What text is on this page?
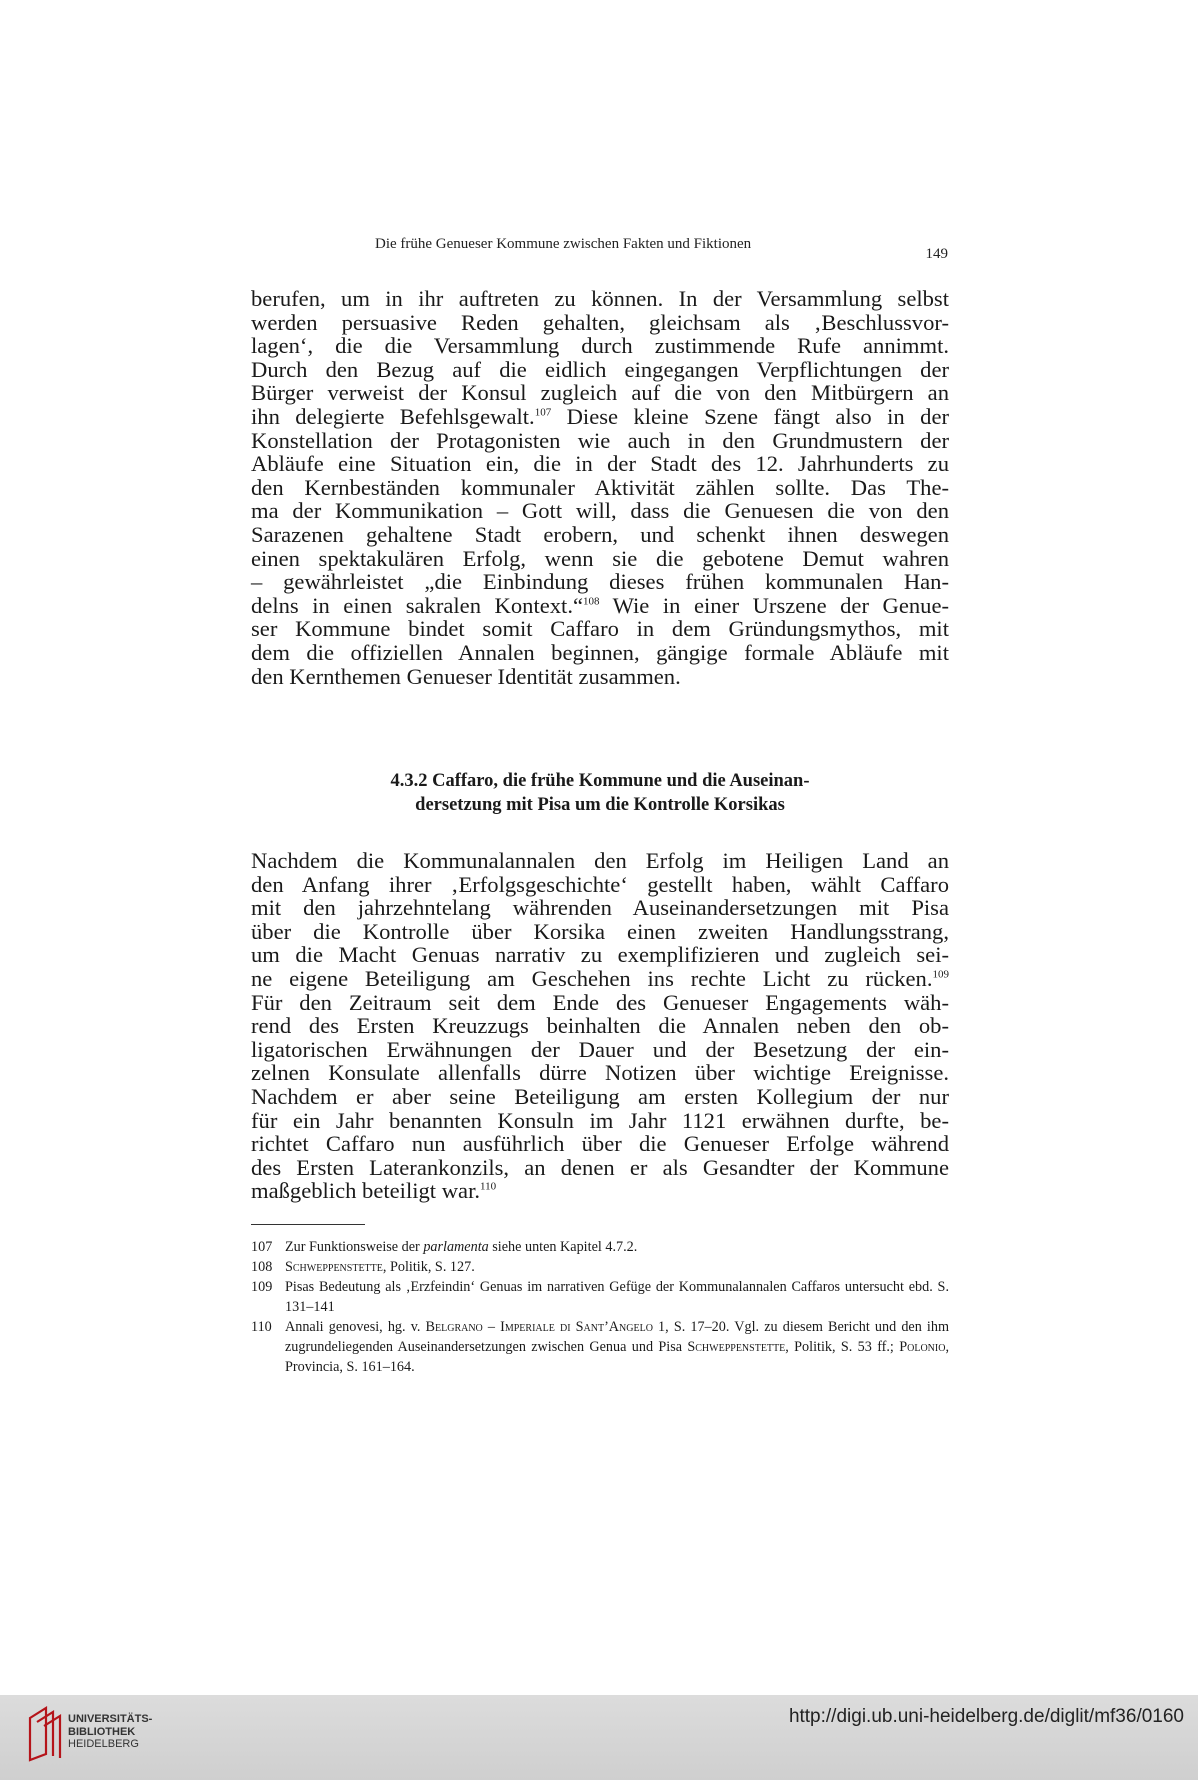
Die frühe Genueser Kommune zwischen Fakten und Fiktionen
149
berufen, um in ihr auftreten zu können. In der Versammlung selbst
werden persuasive Reden gehalten, gleichsam als ‚Beschlussvor-
lagen‘, die die Versammlung durch zustimmende Rufe annimmt.
Durch den Bezug auf die eidlich eingegangen Verpflichtungen der
Bürger verweist der Konsul zugleich auf die von den Mitbürgern an
ihn delegierte Befehlsgewalt.$^{107}$ Diese kleine Szene fängt also in der
Konstellation der Protagonisten wie auch in den Grundmustern der
Abläufe eine Situation ein, die in der Stadt des 12. Jahrhunderts zu
den Kernbeständen kommunaler Aktivität zählen sollte. Das The-
ma der Kommunikation – Gott will, dass die Genuesen die von den
Sarazenen gehaltene Stadt erobern, und schenkt ihnen deswegen
einen spektakulären Erfolg, wenn sie die gebotene Demut wahren
– gewährleistet „die Einbindung dieses frühen kommunalen Han-
delns in einen sakralen Kontext.“$^{108}$ Wie in einer Urszene der Genue-
ser Kommune bindet somit Caffaro in dem Gründungsmythos, mit
dem die offiziellen Annalen beginnen, gängige formale Abläufe mit
den Kernthemen Genueser Identität zusammen.
4.3.2 Caffaro, die frühe Kommune und die Auseinan-
dersetzung mit Pisa um die Kontrolle Korsikas
Nachdem die Kommunalannalen den Erfolg im Heiligen Land an
den Anfang ihrer ‚Erfolgsgeschichte‘ gestellt haben, wählt Caffaro
mit den jahrzehntelang währenden Auseinandersetzungen mit Pisa
über die Kontrolle über Korsika einen zweiten Handlungsstrang,
um die Macht Genuas narrativ zu exemplifizieren und zugleich sei-
ne eigene Beteiligung am Geschehen ins rechte Licht zu rücken.$^{109}$
Für den Zeitraum seit dem Ende des Genueser Engagements wäh-
rend des Ersten Kreuzzugs beinhalten die Annalen neben den ob-
ligatorischen Erwähnungen der Dauer und der Besetzung der ein-
zelnen Konsulate allenfalls dürre Notizen über wichtige Ereignisse.
Nachdem er aber seine Beteiligung am ersten Kollegium der nur
für ein Jahr benannten Konsuln im Jahr 1121 erwähnen durfte, be-
richtet Caffaro nun ausführlich über die Genueser Erfolge während
des Ersten Laterankonzils, an denen er als Gesandter der Kommune
maßgeblich beteiligt war.$^{110}$
107 Zur Funktionsweise der parlamenta siehe unten Kapitel 4.7.2.
108 Schweppenstette, Politik, S. 127.
109 Pisas Bedeutung als ‚Erzfeindin‘ Genuas im narrativen Gefüge der Kommunalannalen Caffaros untersucht ebd. S. 131–141
110 Annali genovesi, hg. v. Belgrano – Imperiale di Sant’Angelo 1, S. 17–20. Vgl. zu diesem Bericht und den ihm zugrundeliegenden Auseinandersetzungen zwischen Genua und Pisa Schweppenstette, Politik, S. 53 ff.; Polonio, Provincia, S. 161–164.
UNIVERSITÄTS-
BIBLIOTHEK
HEIDELBERG
http://digi.ub.uni-heidelberg.de/diglit/mf36/0160
